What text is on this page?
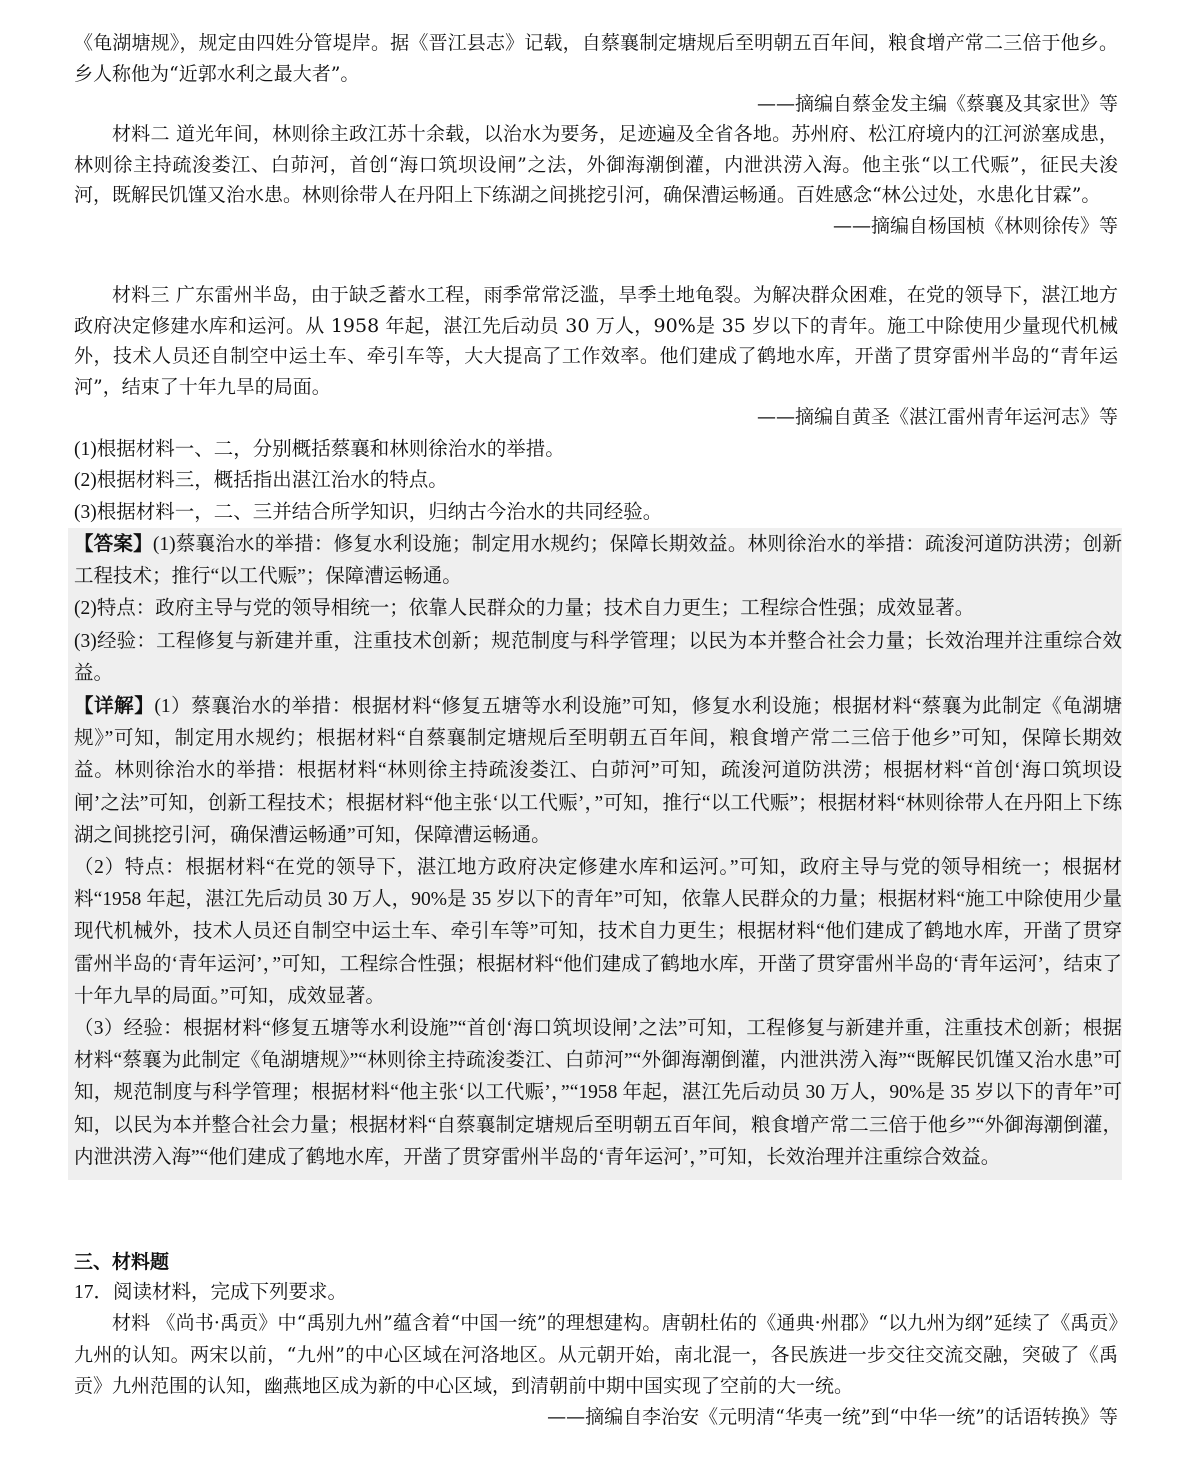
《龟湖塘规》，规定由四姓分管堤岸。据《晋江县志》记载，自蔡襄制定塘规后至明朝五百年间，粮食增产常二三倍于他乡。乡人称他为“近郭水利之最大者”。

——摘编自蔡金发主编《蔡襄及其家世》等

材料二 道光年间，林则徐主政江苏十余载，以治水为要务，足迹遍及全省各地。苏州府、松江府境内的江河淤塞成患，林则徐主持疏浚娄江、白茆河，首创“海口筑坝设闸”之法，外御海潮倒灌，内泄洪涝入海。他主张“以工代赈”，征民夫浚河，既解民饥馑又治水患。林则徐带人在丹阳上下练湖之间挑挖引河，确保漕运畅通。百姓感念“林公过处，水患化甘霖”。

——摘编自杨国桢《林则徐传》等

材料三 广东雷州半岛，由于缺乏蓄水工程，雨季常常泛滥，旱季土地龟裂。为解决群众困难，在党的领导下，湛江地方政府决定修建水库和运河。从 1958 年起，湛江先后动员 30 万人，90%是 35 岁以下的青年。施工中除使用少量现代机械外，技术人员还自制空中运土车、牵引车等，大大提高了工作效率。他们建成了鹤地水库，开凿了贯穿雷州半岛的“青年运河”，结束了十年九旱的局面。

——摘编自黄圣《湛江雷州青年运河志》等

(1)根据材料一、二，分别概括蔡襄和林则徐治水的举措。

(2)根据材料三，概括指出湛江治水的特点。

(3)根据材料一，二、三并结合所学知识，归纳古今治水的共同经验。

【答案】(1)蔡襄治水的举措：修复水利设施；制定用水规约；保障长期效益。林则徐治水的举措：疏浚河道防洪涝；创新工程技术；推行“以工代赈”；保障漕运畅通。

(2)特点：政府主导与党的领导相统一；依靠人民群众的力量；技术自力更生；工程综合性强；成效显著。

(3)经验：工程修复与新建并重，注重技术创新；规范制度与科学管理；以民为本并整合社会力量；长效治理并注重综合效益。

【详解】(1）蔡襄治水的举措：根据材料“修复五塘等水利设施”可知，修复水利设施；根据材料“蔡襄为此制定《龟湖塘规》”可知，制定用水规约；根据材料“自蔡襄制定塘规后至明朝五百年间，粮食增产常二三倍于他乡”可知，保障长期效益。林则徐治水的举措：根据材料“林则徐主持疏浚娄江、白茆河”可知，疏浚河道防洪涝；根据材料“首创‘海口筑坝设闸’之法”可知，创新工程技术；根据材料“他主张‘以工代赈’，”可知，推行“以工代赈”；根据材料“林则徐带人在丹阳上下练湖之间挑挖引河，确保漕运畅通”可知，保障漕运畅通。

（2）特点：根据材料“在党的领导下，湛江地方政府决定修建水库和运河。”可知，政府主导与党的领导相统一；根据材料“1958 年起，湛江先后动员 30 万人，90%是 35 岁以下的青年”可知，依靠人民群众的力量；根据材料“施工中除使用少量现代机械外，技术人员还自制空中运土车、牵引车等”可知，技术自力更生；根据材料“他们建成了鹤地水库，开凿了贯穿雷州半岛的‘青年运河’，”可知，工程综合性强；根据材料“他们建成了鹤地水库，开凿了贯穿雷州半岛的‘青年运河’，结束了十年九旱的局面。”可知，成效显著。

（3）经验：根据材料“修复五塘等水利设施”“首创‘海口筑坝设闸’之法”可知，工程修复与新建并重，注重技术创新；根据材料“蔡襄为此制定《龟湖塘规》”“林则徐主持疏浚娄江、白茆河”“外御海潮倒灌，内泄洪涝入海”“既解民饥馑又治水患”可知，规范制度与科学管理；根据材料“他主张‘以工代赈’，”“1958 年起，湛江先后动员 30 万人，90%是 35 岁以下的青年”可知，以民为本并整合社会力量；根据材料“自蔡襄制定塘规后至明朝五百年间，粮食增产常二三倍于他乡”“外御海潮倒灌，内泄洪涝入海”“他们建成了鹤地水库，开凿了贯穿雷州半岛的‘青年运河’，”可知，长效治理并注重综合效益。

三、材料题

17．阅读材料，完成下列要求。

材料 《尚书·禹贡》中“禹别九州”蕴含着“中国一统”的理想建构。唐朝杜佑的《通典·州郡》“以九州为纲”延续了《禹贡》九州的认知。两宋以前，“九州”的中心区域在河洛地区。从元朝开始，南北混一，各民族进一步交往交流交融，突破了《禹贡》九州范围的认知，幽燕地区成为新的中心区域，到清朝前中期中国实现了空前的大一统。

——摘编自李治安《元明清“华夷一统”到“中华一统”的话语转换》等
